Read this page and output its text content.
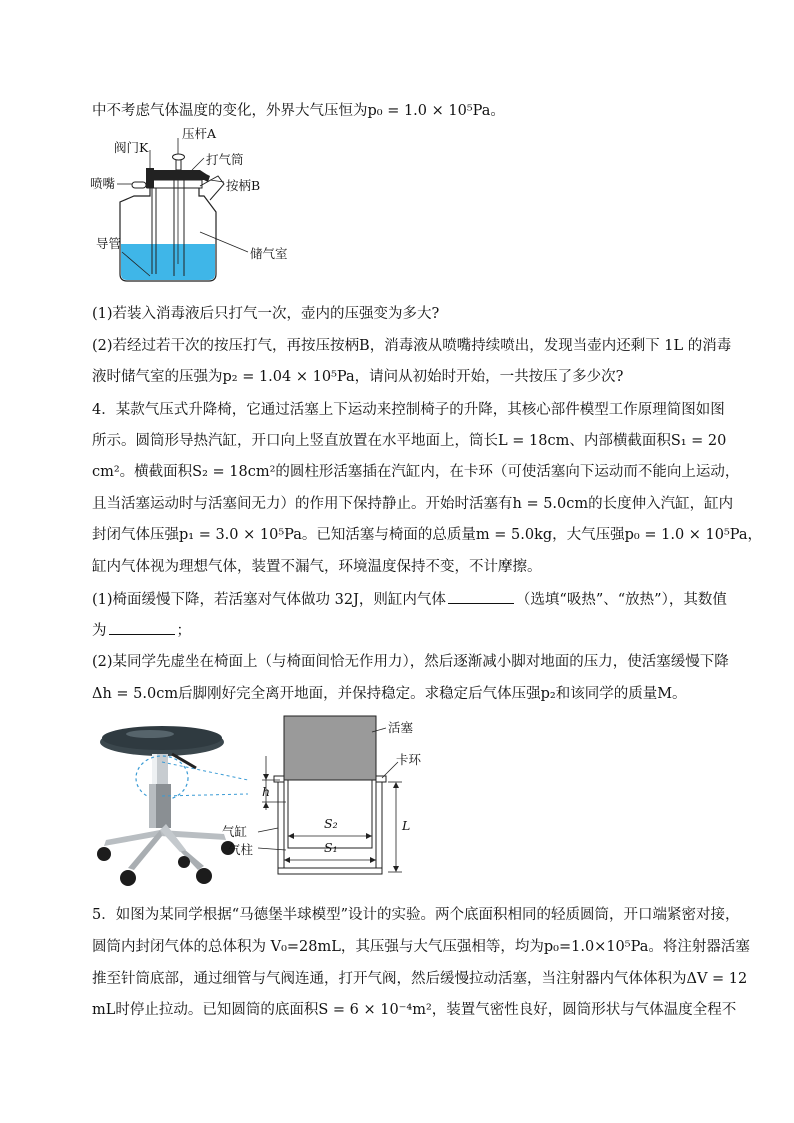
中不考虑气体温度的变化，外界大气压恒为p₀ = 1.0 × 10⁵Pa。
压杆A
阀门K
打气筒
喷嘴	按柄B
导管
储气室
(1)若装入消毒液后只打气一次，壶内的压强变为多大?
(2)若经过若干次的按压打气，再按压按柄B，消毒液从喷嘴持续喷出，发现当壶内还剩下 1L 的消毒
液时储气室的压强为p₂ = 1.04 × 10⁵Pa，请问从初始时开始，一共按压了多少次?
4．某款气压式升降椅，它通过活塞上下运动来控制椅子的升降，其核心部件模型工作原理简图如图
所示。圆筒形导热汽缸，开口向上竖直放置在水平地面上，筒长L = 18cm、内部横截面积S₁ = 20
cm²。横截面积S₂ = 18cm²的圆柱形活塞插在汽缸内，在卡环（可使活塞向下运动而不能向上运动，
且当活塞运动时与活塞间无力）的作用下保持静止。开始时活塞有h = 5.0cm的长度伸入汽缸，缸内
封闭气体压强p₁ = 3.0 × 10⁵Pa。已知活塞与椅面的总质量m = 5.0kg，大气压强p₀ = 1.0 × 10⁵Pa，
缸内气体视为理想气体，装置不漏气，环境温度保持不变，不计摩擦。
(1)椅面缓慢下降，若活塞对气体做功 32J，则缸内气体	（选填“吸热”、“放热”），其数值
为	；
(2)某同学先虚坐在椅面上（与椅面间恰无作用力），然后逐渐减小脚对地面的压力，使活塞缓慢下降
Δh = 5.0cm后脚刚好完全离开地面，并保持稳定。求稳定后气体压强p₂和该同学的质量M。
活塞
卡环
h
S₂
气缸
气柱	S₁
L
5．如图为某同学根据“马德堡半球模型”设计的实验。两个底面积相同的轻质圆筒，开口端紧密对接，
圆筒内封闭气体的总体积为 V₀=28mL，其压强与大气压强相等，均为p₀=1.0×10⁵Pa。将注射器活塞
推至针筒底部，通过细管与气阀连通，打开气阀，然后缓慢拉动活塞，当注射器内气体体积为ΔV = 12
mL时停止拉动。已知圆筒的底面积S = 6 × 10⁻⁴m²，装置气密性良好，圆筒形状与气体温度全程不
